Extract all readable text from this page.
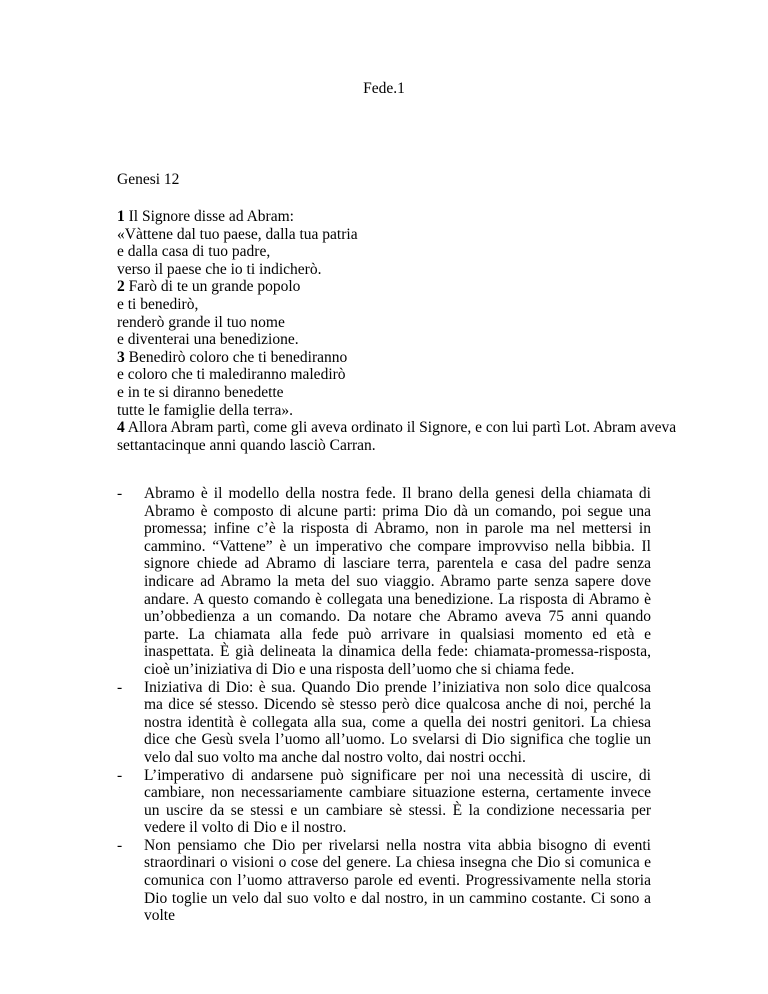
Fede.1
Genesi 12
1 Il Signore disse ad Abram:
«Vàttene dal tuo paese, dalla tua patria
e dalla casa di tuo padre,
verso il paese che io ti indicherò.
2 Farò di te un grande popolo
e ti benedirò,
renderò grande il tuo nome
e diventerai una benedizione.
3 Benedirò coloro che ti benediranno
e coloro che ti malediranno maledirò
e in te si diranno benedette
tutte le famiglie della terra».
4 Allora Abram partì, come gli aveva ordinato il Signore, e con lui partì Lot. Abram aveva settantacinque anni quando lasciò Carran.
- Abramo è il modello della nostra fede. Il brano della genesi della chiamata di Abramo è composto di alcune parti: prima Dio dà un comando, poi segue una promessa; infine c’è la risposta di Abramo, non in parole ma nel mettersi in cammino. “Vattene” è un imperativo che compare improvviso nella bibbia. Il signore chiede ad Abramo di lasciare terra, parentela e casa del padre senza indicare ad Abramo la meta del suo viaggio. Abramo parte senza sapere dove andare. A questo comando è collegata una benedizione. La risposta di Abramo è un’obbedienza a un comando. Da notare che Abramo aveva 75 anni quando parte. La chiamata alla fede può arrivare in qualsiasi momento ed età e inaspettata. È già delineata la dinamica della fede: chiamata-promessa-risposta, cioè un’iniziativa di Dio e una risposta dell’uomo che si chiama fede.
- Iniziativa di Dio: è sua. Quando Dio prende l’iniziativa non solo dice qualcosa ma dice sé stesso. Dicendo sè stesso però dice qualcosa anche di noi, perché la nostra identità è collegata alla sua, come a quella dei nostri genitori. La chiesa dice che Gesù svela l’uomo all’uomo. Lo svelarsi di Dio significa che toglie un velo dal suo volto ma anche dal nostro volto, dai nostri occhi.
- L’imperativo di andarsene può significare per noi una necessità di uscire, di cambiare, non necessariamente cambiare situazione esterna, certamente invece un uscire da se stessi e un cambiare sè stessi. È la condizione necessaria per vedere il volto di Dio e il nostro.
- Non pensiamo che Dio per rivelarsi nella nostra vita abbia bisogno di eventi straordinari o visioni o cose del genere. La chiesa insegna che Dio si comunica e comunica con l’uomo attraverso parole ed eventi. Progressivamente nella storia Dio toglie un velo dal suo volto e dal nostro, in un cammino costante. Ci sono a volte
